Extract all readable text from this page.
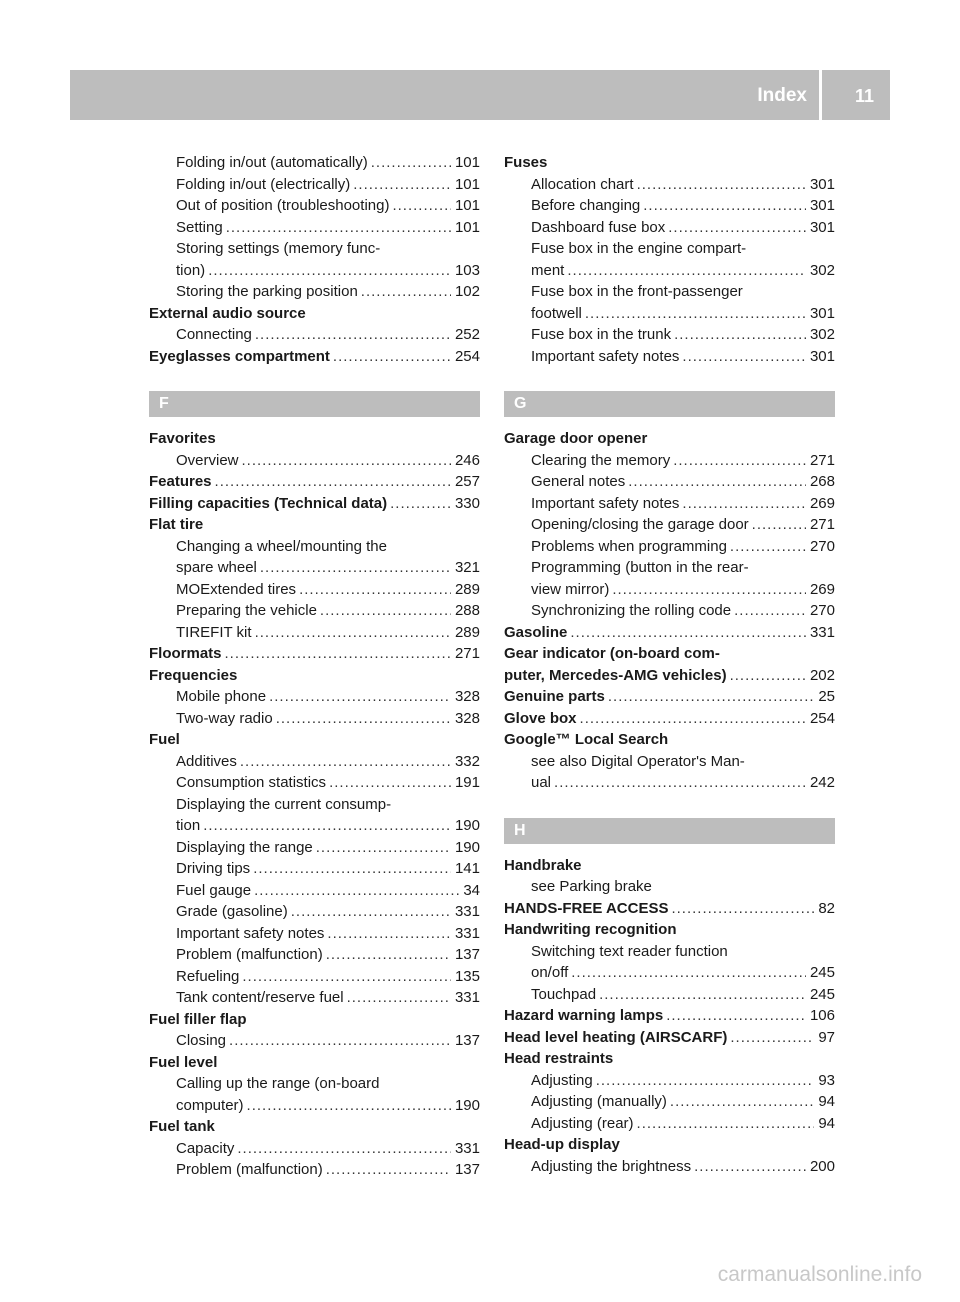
Index	11
Folding in/out (automatically) .....	101
Folding in/out (electrically) .....	101
Out of position (troubleshooting) .....	101
Setting .....	101
Storing settings (memory func-
tion) .....	103
Storing the parking position .....	102
External audio source
Connecting .....	252
Eyeglasses compartment .....	254
F
Favorites
Overview .....	246
Features .....	257
Filling capacities (Technical data) .....	330
Flat tire
Changing a wheel/mounting the
spare wheel .....	321
MOExtended tires .....	289
Preparing the vehicle .....	288
TIREFIT kit .....	289
Floormats .....	271
Frequencies
Mobile phone .....	328
Two-way radio .....	328
Fuel
Additives .....	332
Consumption statistics .....	191
Displaying the current consump-
tion .....	190
Displaying the range .....	190
Driving tips .....	141
Fuel gauge .....	34
Grade (gasoline) .....	331
Important safety notes .....	331
Problem (malfunction) .....	137
Refueling .....	135
Tank content/reserve fuel .....	331
Fuel filler flap
Closing .....	137
Fuel level
Calling up the range (on-board
computer) .....	190
Fuel tank
Capacity .....	331
Problem (malfunction) .....	137
Fuses
Allocation chart .....	301
Before changing .....	301
Dashboard fuse box .....	301
Fuse box in the engine compart-
ment .....	302
Fuse box in the front-passenger
footwell .....	301
Fuse box in the trunk .....	302
Important safety notes .....	301
G
Garage door opener
Clearing the memory .....	271
General notes .....	268
Important safety notes .....	269
Opening/closing the garage door .....	271
Problems when programming .....	270
Programming (button in the rear-
view mirror) .....	269
Synchronizing the rolling code .....	270
Gasoline .....	331
Gear indicator (on-board com-
puter, Mercedes-AMG vehicles) .....	202
Genuine parts .....	25
Glove box .....	254
Google™ Local Search
see also Digital Operator's Man-
ual .....	242
H
Handbrake
see Parking brake
HANDS-FREE ACCESS .....	82
Handwriting recognition
Switching text reader function
on/off .....	245
Touchpad .....	245
Hazard warning lamps .....	106
Head level heating (AIRSCARF) .....	97
Head restraints
Adjusting .....	93
Adjusting (manually) .....	94
Adjusting (rear) .....	94
Head-up display
Adjusting the brightness .....	200
carmanualsonline.info
